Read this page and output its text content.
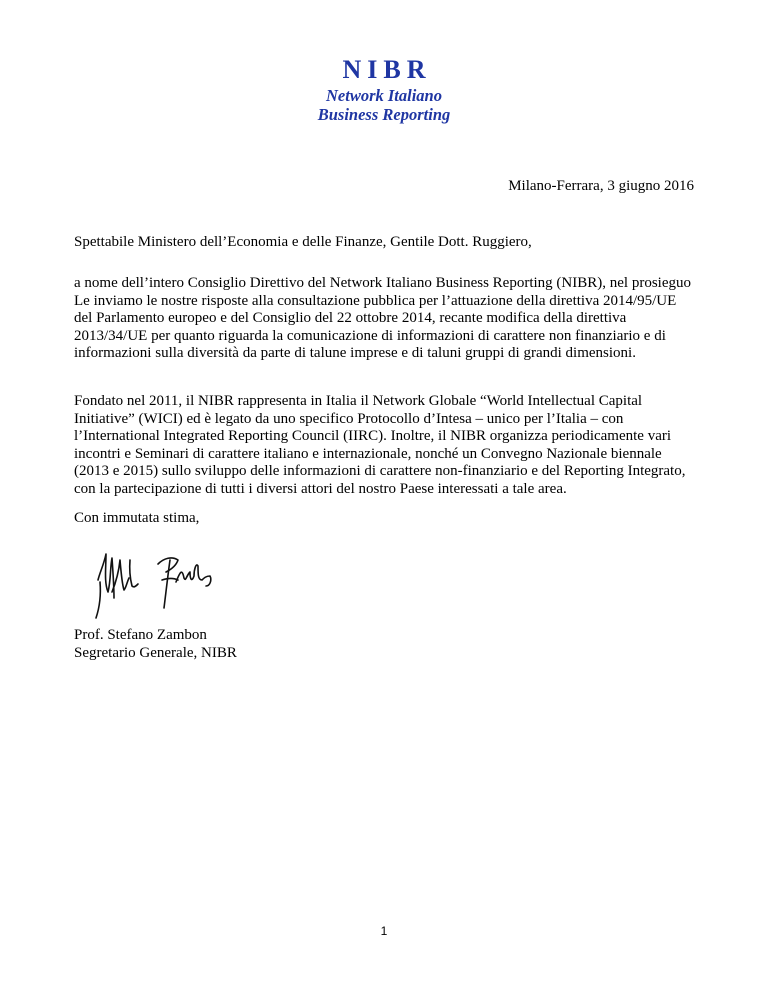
NIBR
Network Italiano
Business Reporting
Milano-Ferrara, 3 giugno 2016

Spettabile Ministero dell’Economia e delle Finanze, Gentile Dott. Ruggiero,

a nome dell’intero Consiglio Direttivo del Network Italiano Business Reporting (NIBR), nel prosieguo Le inviamo le nostre risposte alla consultazione pubblica per l’attuazione della direttiva 2014/95/UE del Parlamento europeo e del Consiglio del 22 ottobre 2014, recante modifica della direttiva 2013/34/UE per quanto riguarda la comunicazione di informazioni di carattere non finanziario e di informazioni sulla diversità da parte di talune imprese e di taluni gruppi di grandi dimensioni.

Fondato nel 2011, il NIBR rappresenta in Italia il Network Globale “World Intellectual Capital Initiative” (WICI) ed è legato da uno specifico Protocollo d’Intesa – unico per l’Italia – con l’International Integrated Reporting Council (IIRC). Inoltre, il NIBR organizza periodicamente vari incontri e Seminari di carattere italiano e internazionale, nonché un Convegno Nazionale biennale (2013 e 2015) sullo sviluppo delle informazioni di carattere non-finanziario e del Reporting Integrato, con la partecipazione di tutti i diversi attori del nostro Paese interessati a tale area.

Con immutata stima,

Prof. Stefano Zambon
Segretario Generale, NIBR
1
